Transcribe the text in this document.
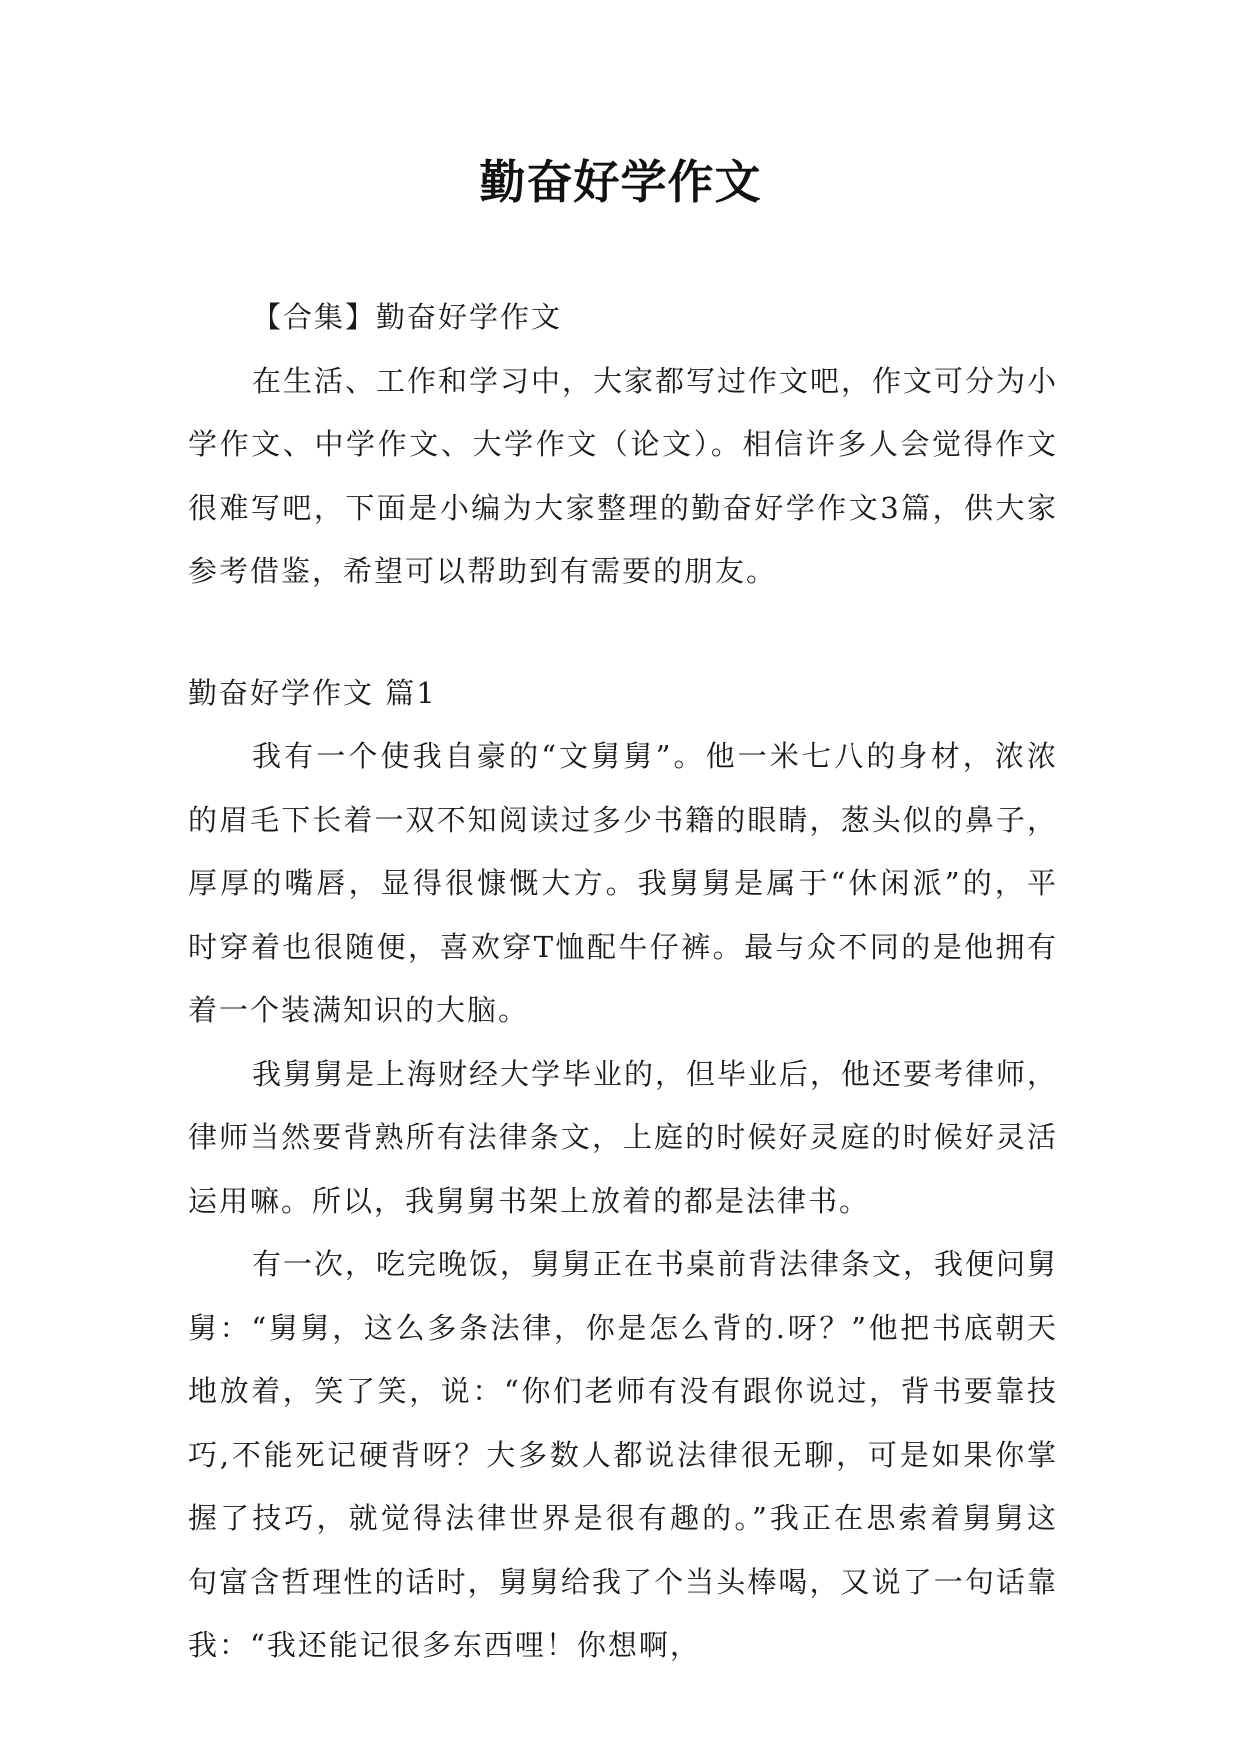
勤奋好学作文

【合集】勤奋好学作文

在生活、工作和学习中，大家都写过作文吧，作文可分为小学作文、中学作文、大学作文（论文）。相信许多人会觉得作文很难写吧，下面是小编为大家整理的勤奋好学作文3篇，供大家参考借鉴，希望可以帮助到有需要的朋友。

勤奋好学作文 篇1

我有一个使我自豪的“文舅舅”。他一米七八的身材，浓浓的眉毛下长着一双不知阅读过多少书籍的眼睛，葱头似的鼻子，厚厚的嘴唇，显得很慷慨大方。我舅舅是属于“休闲派”的，平时穿着也很随便，喜欢穿T恤配牛仔裤。最与众不同的是他拥有着一个装满知识的大脑。

我舅舅是上海财经大学毕业的，但毕业后，他还要考律师，律师当然要背熟所有法律条文，上庭的时候好灵庭的时候好灵活运用嘛。所以，我舅舅书架上放着的都是法律书。

有一次，吃完晚饭，舅舅正在书桌前背法律条文，我便问舅舅：“舅舅，这么多条法律，你是怎么背的.呀？”他把书底朝天地放着，笑了笑，说：“你们老师有没有跟你说过，背书要靠技巧,不能死记硬背呀？大多数人都说法律很无聊，可是如果你掌握了技巧，就觉得法律世界是很有趣的。”我正在思索着舅舅这句富含哲理性的话时，舅舅给我了个当头棒喝，又说了一句话靠我：“我还能记很多东西哩！你想啊，
